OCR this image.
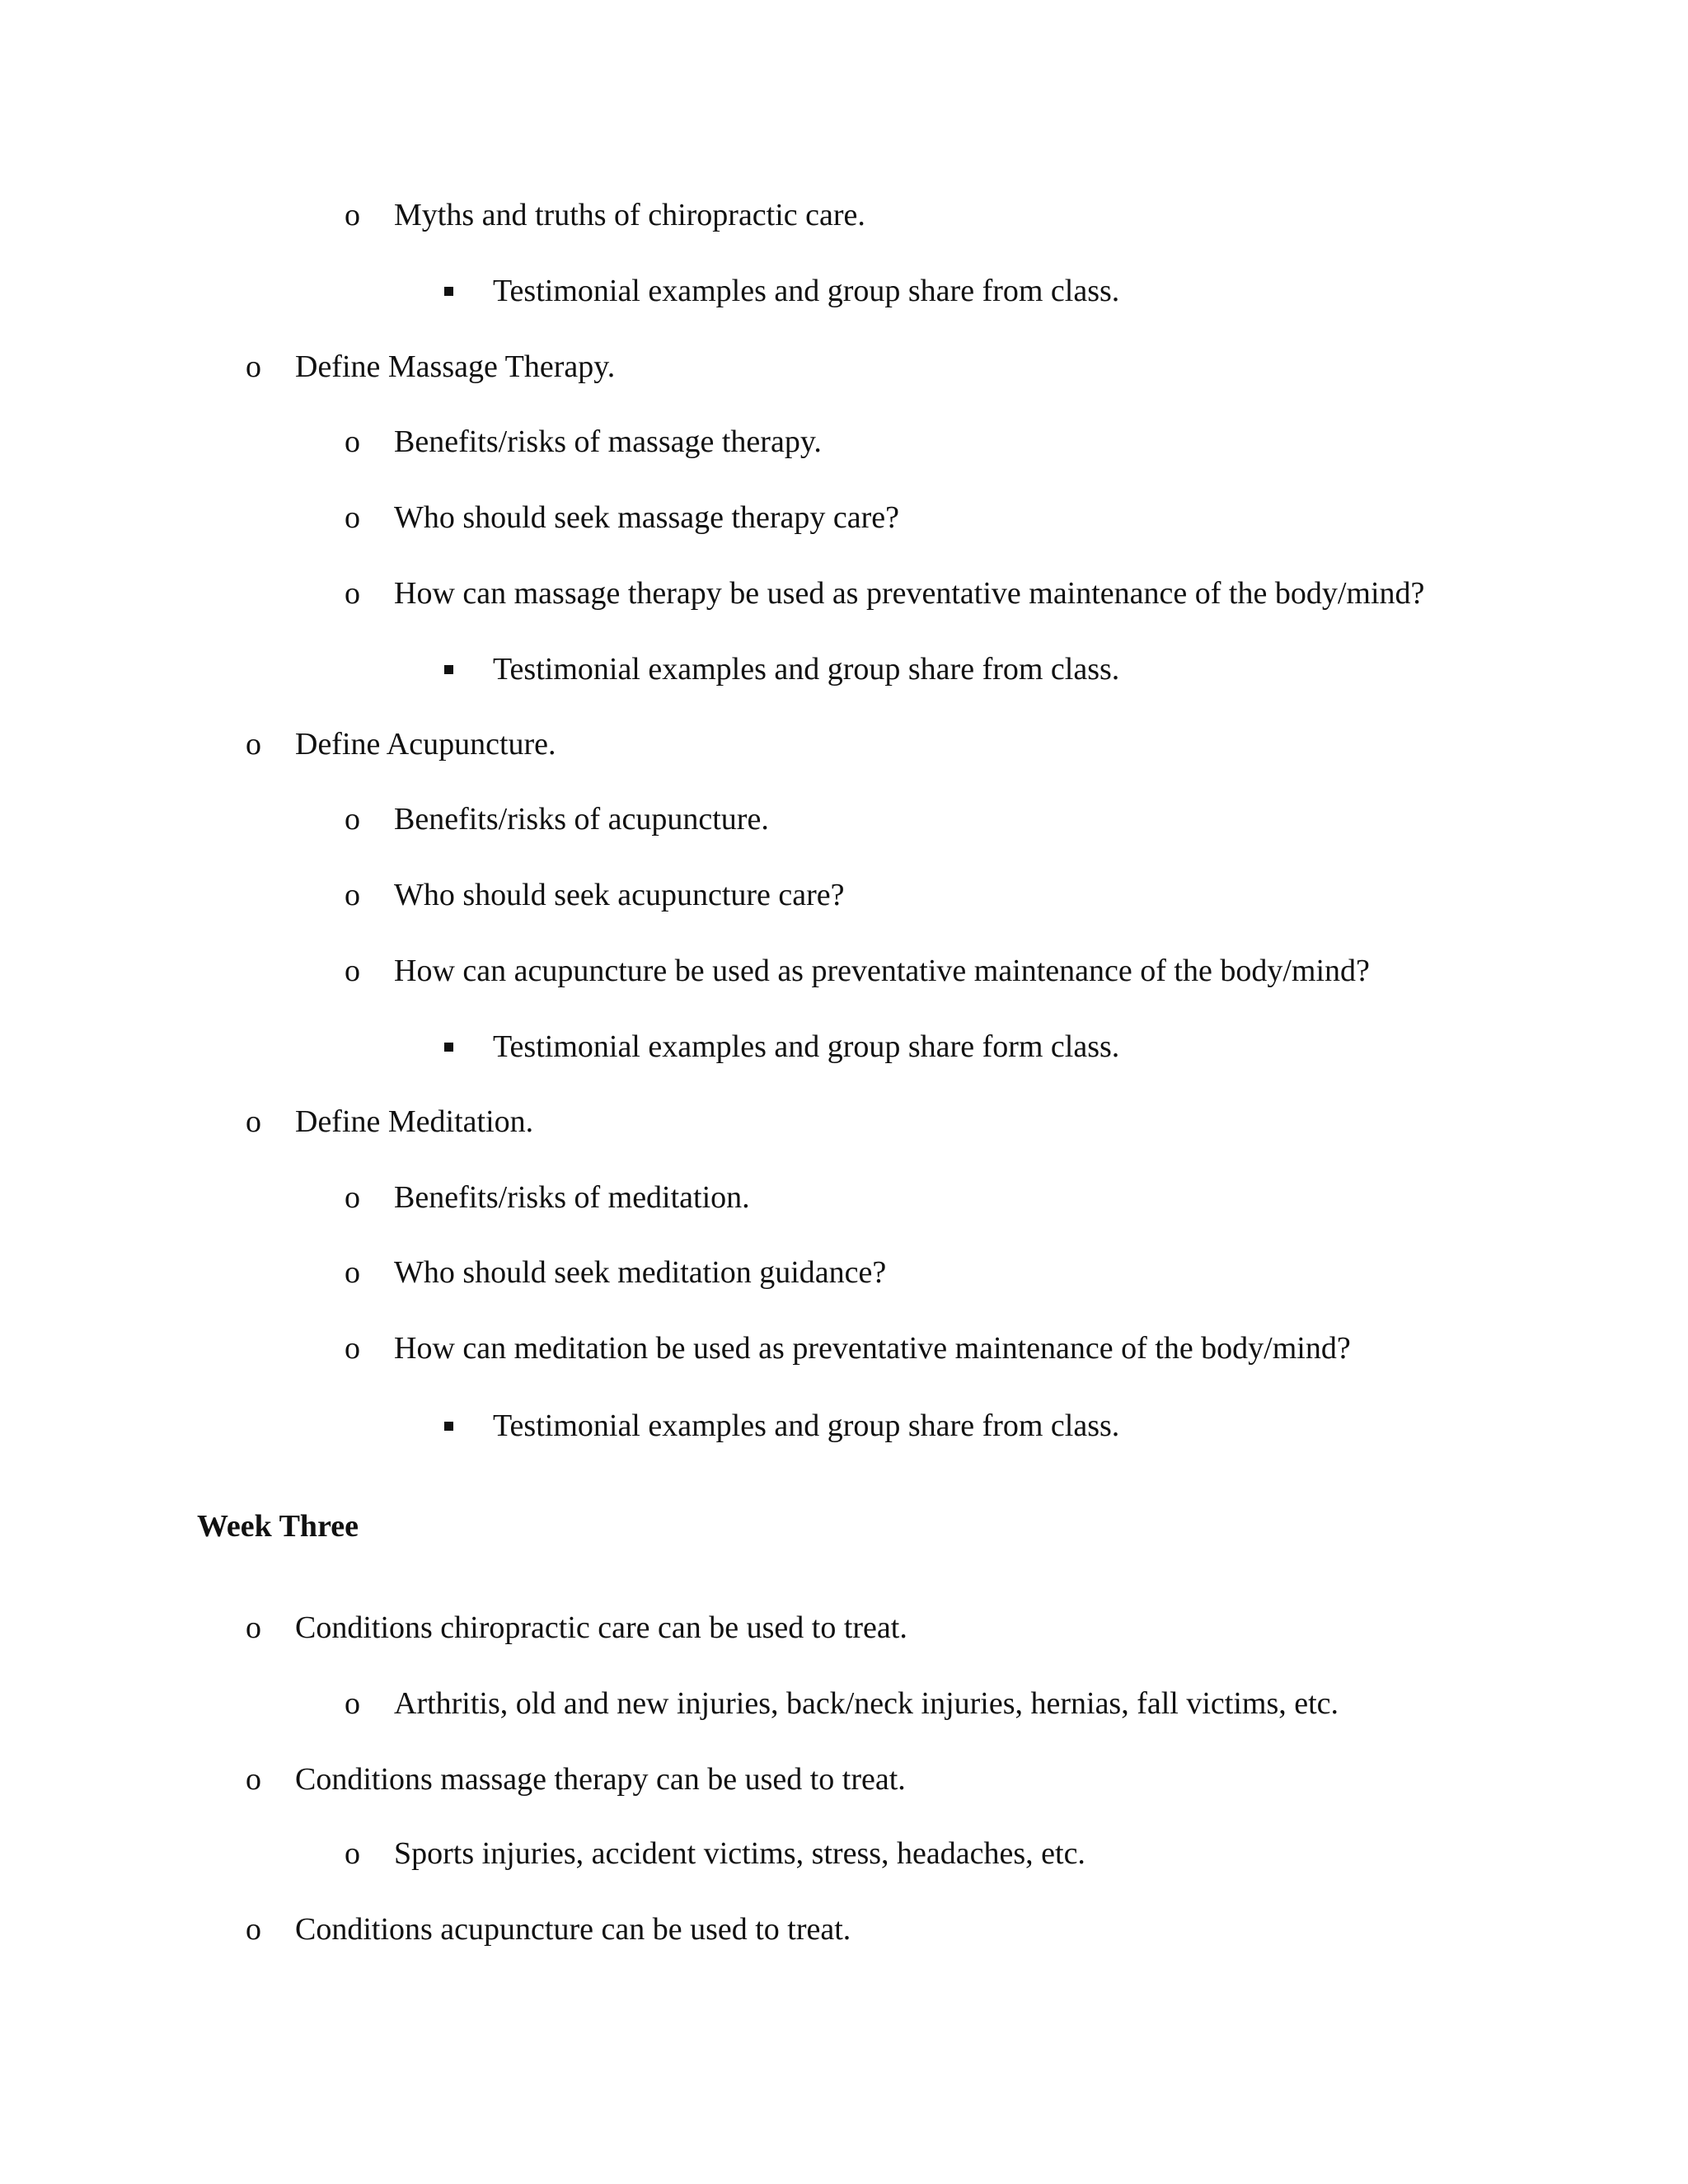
o Myths and truths of chiropractic care.
Testimonial examples and group share from class.
o Define Massage Therapy.
o Benefits/risks of massage therapy.
o Who should seek massage therapy care?
o How can massage therapy be used as preventative maintenance of the body/mind?
Testimonial examples and group share from class.
o Define Acupuncture.
o Benefits/risks of acupuncture.
o Who should seek acupuncture care?
o How can acupuncture be used as preventative maintenance of the body/mind?
Testimonial examples and group share form class.
o Define Meditation.
o Benefits/risks of meditation.
o Who should seek meditation guidance?
o How can meditation be used as preventative maintenance of the body/mind?
Testimonial examples and group share from class.
Week Three
o Conditions chiropractic care can be used to treat.
o Arthritis, old and new injuries, back/neck injuries, hernias, fall victims, etc.
o Conditions massage therapy can be used to treat.
o Sports injuries, accident victims, stress, headaches, etc.
o Conditions acupuncture can be used to treat.
